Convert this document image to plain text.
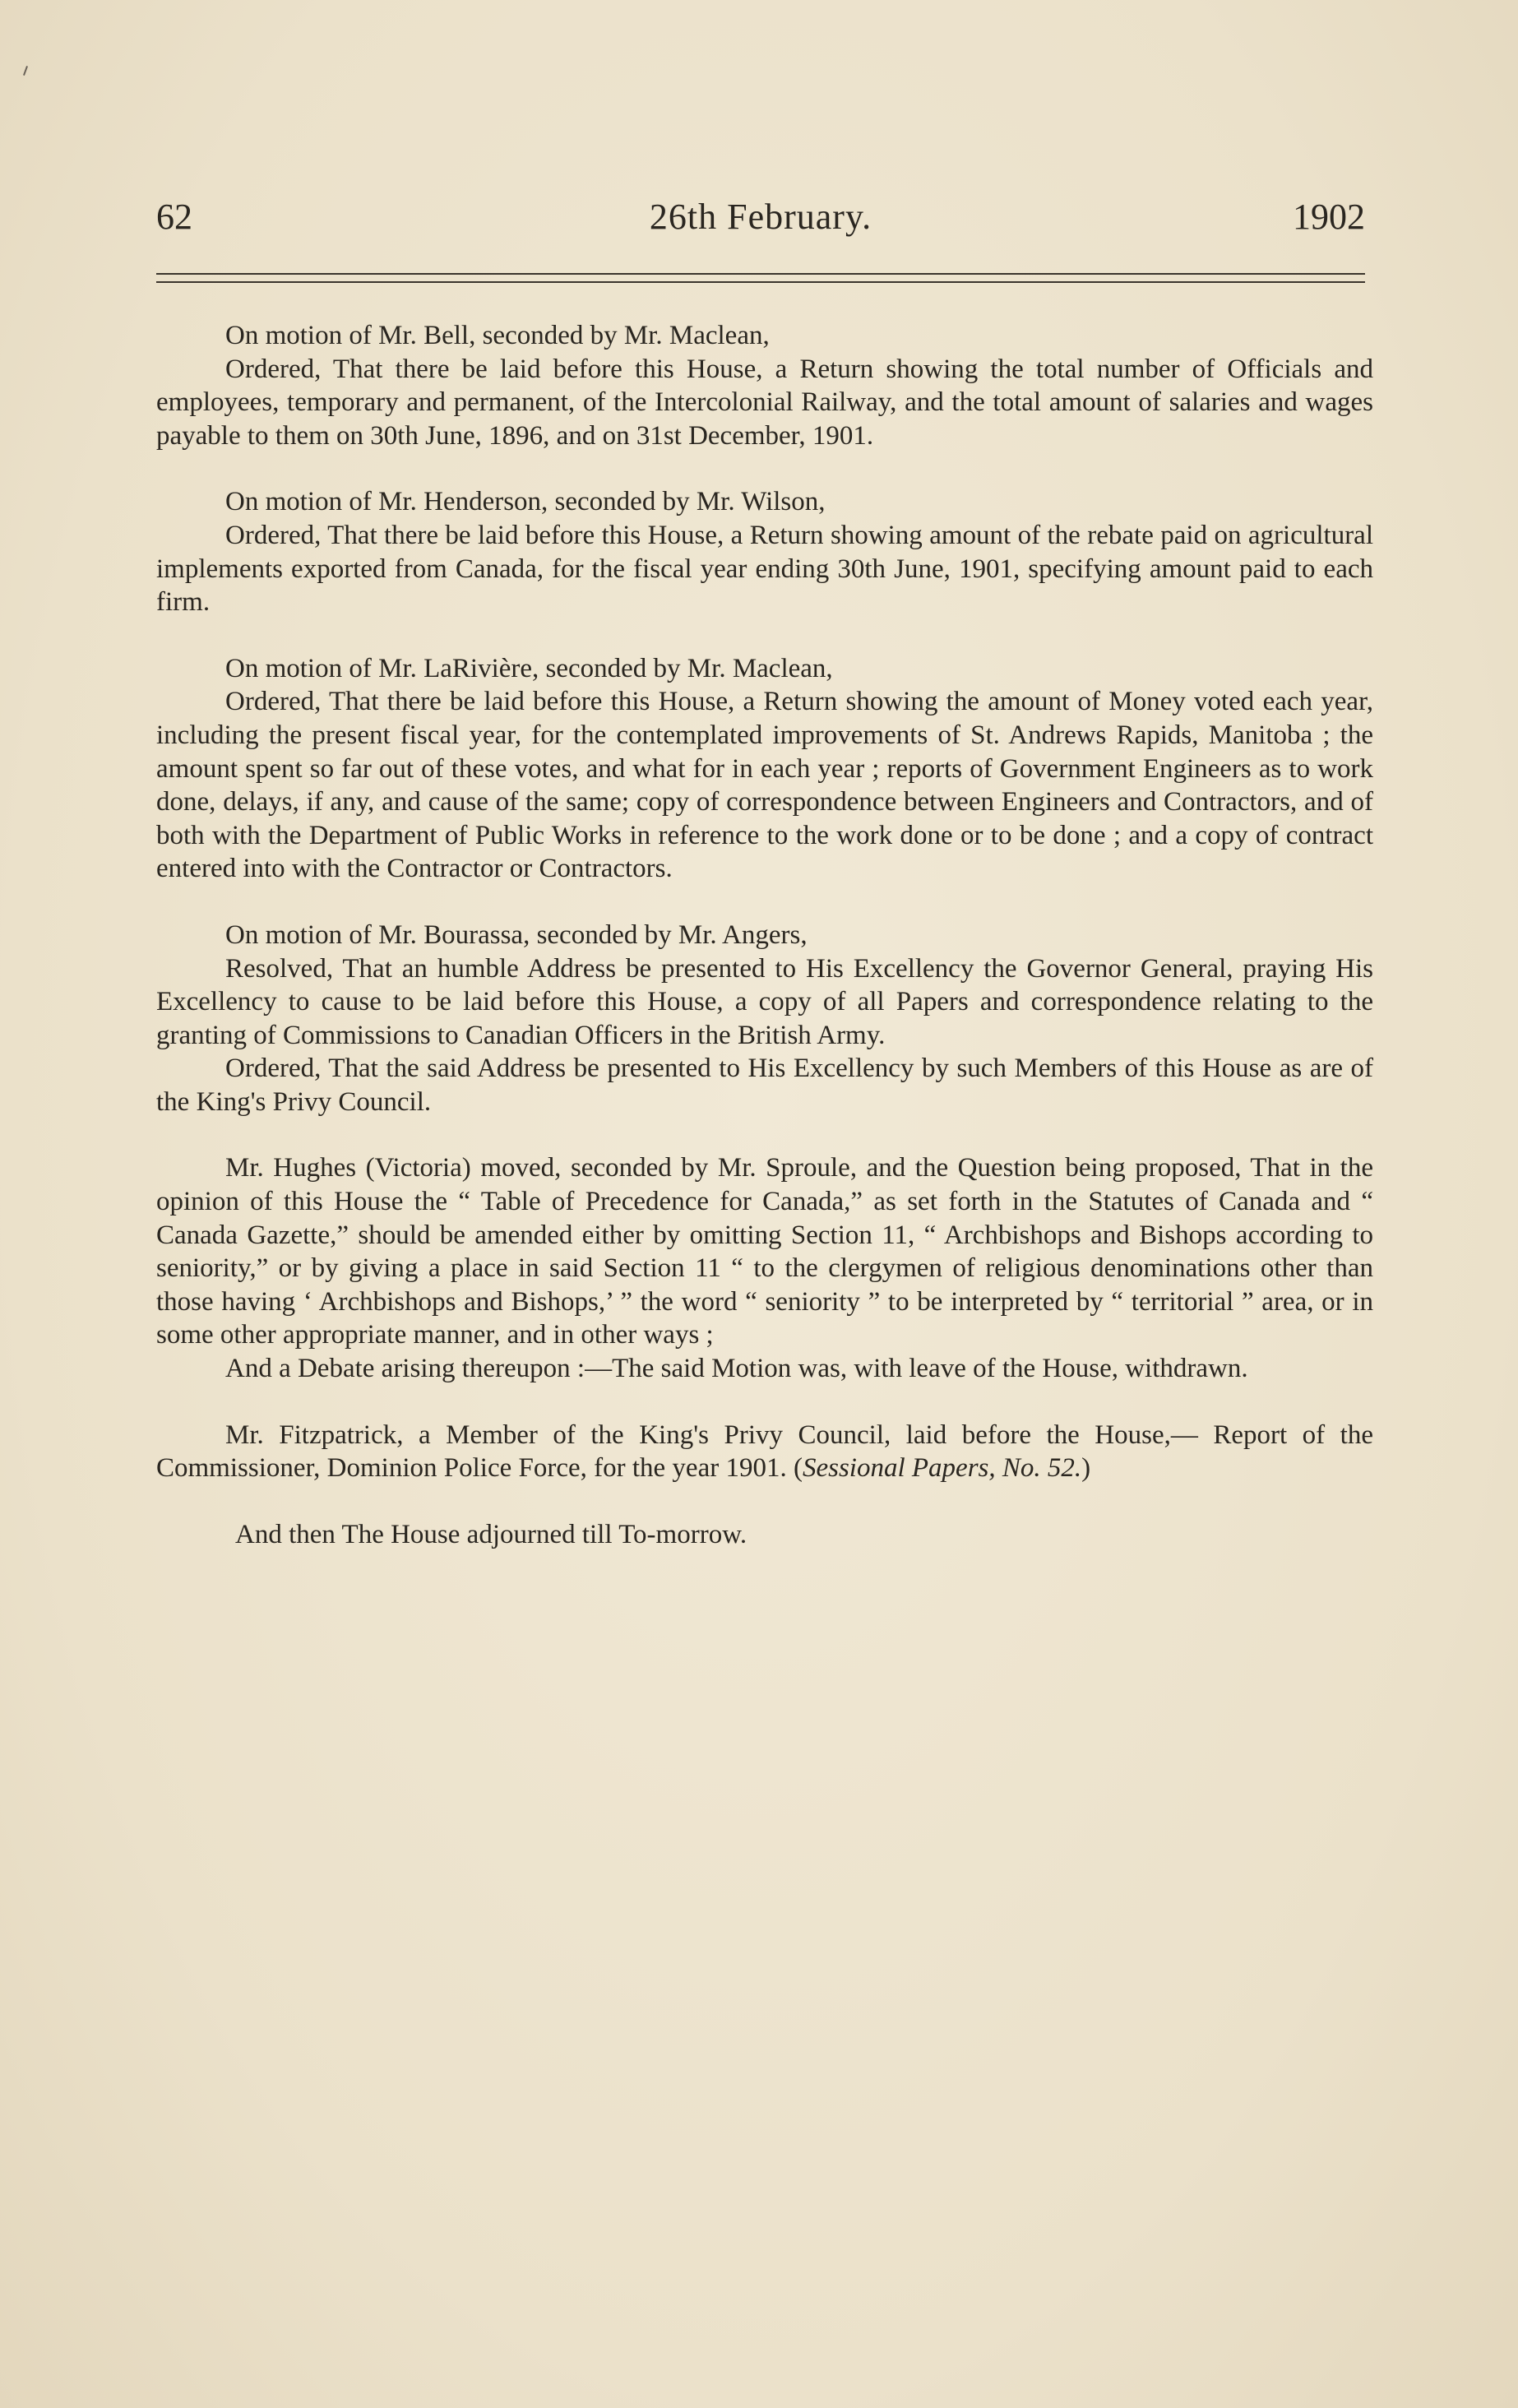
62	26th February.	1902

On motion of Mr. Bell, seconded by Mr. Maclean,

Ordered, That there be laid before this House, a Return showing the total number of Officials and employees, temporary and permanent, of the Intercolonial Railway, and the total amount of salaries and wages payable to them on 30th June, 1896, and on 31st December, 1901.

On motion of Mr. Henderson, seconded by Mr. Wilson,

Ordered, That there be laid before this House, a Return showing amount of the rebate paid on agricultural implements exported from Canada, for the fiscal year ending 30th June, 1901, specifying amount paid to each firm.

On motion of Mr. LaRivière, seconded by Mr. Maclean,

Ordered, That there be laid before this House, a Return showing the amount of Money voted each year, including the present fiscal year, for the contemplated improvements of St. Andrews Rapids, Manitoba ; the amount spent so far out of these votes, and what for in each year ; reports of Government Engineers as to work done, delays, if any, and cause of the same; copy of correspondence between Engineers and Contractors, and of both with the Department of Public Works in reference to the work done or to be done ; and a copy of contract entered into with the Contractor or Contractors.

On motion of Mr. Bourassa, seconded by Mr. Angers,

Resolved, That an humble Address be presented to His Excellency the Governor General, praying His Excellency to cause to be laid before this House, a copy of all Papers and correspondence relating to the granting of Commissions to Canadian Officers in the British Army.

Ordered, That the said Address be presented to His Excellency by such Members of this House as are of the King's Privy Council.

Mr. Hughes (Victoria) moved, seconded by Mr. Sproule, and the Question being proposed, That in the opinion of this House the “ Table of Precedence for Canada,” as set forth in the Statutes of Canada and “ Canada Gazette,” should be amended either by omitting Section 11, “ Archbishops and Bishops according to seniority,” or by giving a place in said Section 11 “ to the clergymen of religious denominations other than those having ‘ Archbishops and Bishops,’ ” the word “ seniority ” to be interpreted by “ territorial ” area, or in some other appropriate manner, and in other ways ;

And a Debate arising thereupon :—The said Motion was, with leave of the House, withdrawn.

Mr. Fitzpatrick, a Member of the King's Privy Council, laid before the House,— Report of the Commissioner, Dominion Police Force, for the year 1901. (Sessional Papers, No. 52.)

And then The House adjourned till To-morrow.
